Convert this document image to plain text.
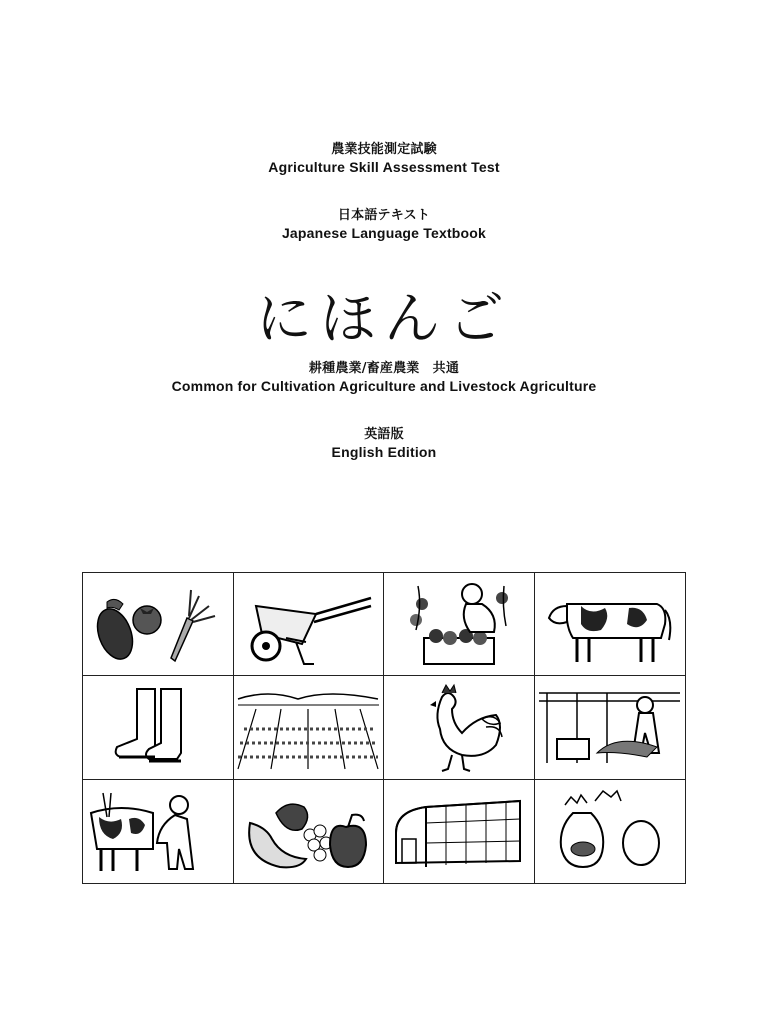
農業技能測定試験
Agriculture Skill Assessment Test
日本語テキスト
Japanese Language Textbook
にほんご
耕種農業/畜産農業　共通
Common for Cultivation Agriculture and Livestock Agriculture
英語版
English Edition
